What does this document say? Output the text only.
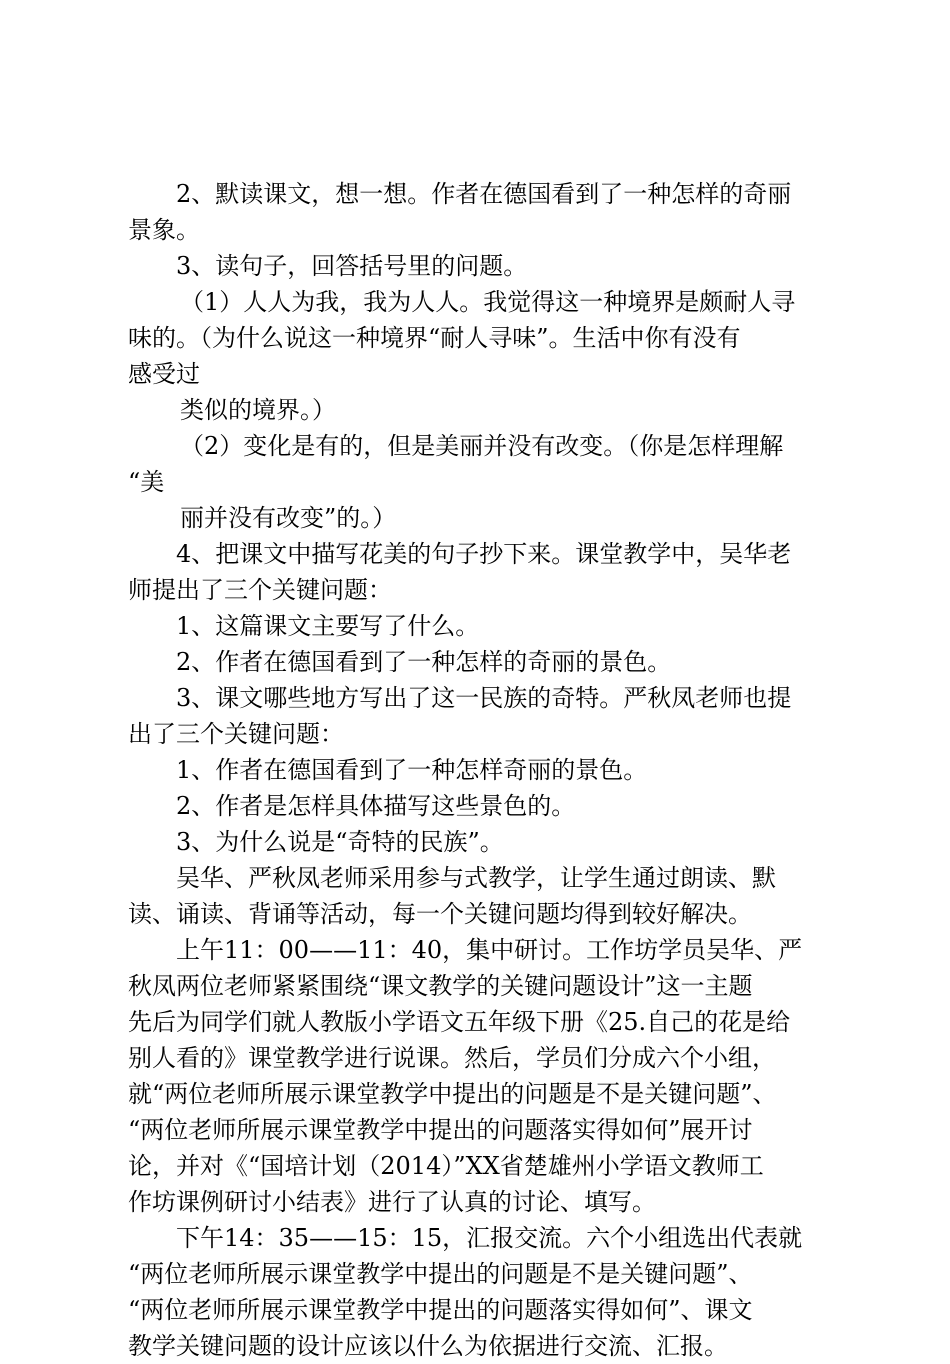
2、默读课文，想一想。作者在德国看到了一种怎样的奇丽

景象。

3、读句子，回答括号里的问题。

（1）人人为我，我为人人。我觉得这一种境界是颇耐人寻

味的。（为什么说这一种境界“耐人寻味”。生活中你有没有

感受过

类似的境界。）

（2）变化是有的，但是美丽并没有改变。（你是怎样理解

“美

丽并没有改变”的。）

4、把课文中描写花美的句子抄下来。课堂教学中，吴华老

师提出了三个关键问题：

1、这篇课文主要写了什么。

2、作者在德国看到了一种怎样的奇丽的景色。

3、课文哪些地方写出了这一民族的奇特。严秋凤老师也提

出了三个关键问题：

1、作者在德国看到了一种怎样奇丽的景色。

2、作者是怎样具体描写这些景色的。

3、为什么说是“奇特的民族”。

吴华、严秋凤老师采用参与式教学，让学生通过朗读、默

读、诵读、背诵等活动，每一个关键问题均得到较好解决。

上午11：00——11：40，集中研讨。工作坊学员吴华、严

秋凤两位老师紧紧围绕“课文教学的关键问题设计”这一主题

先后为同学们就人教版小学语文五年级下册《25.自己的花是给

别人看的》课堂教学进行说课。然后，学员们分成六个小组，

就“两位老师所展示课堂教学中提出的问题是不是关键问题”、

“两位老师所展示课堂教学中提出的问题落实得如何”展开讨

论，并对《“国培计划（2014）”XX省楚雄州小学语文教师工

作坊课例研讨小结表》进行了认真的讨论、填写。

下午14：35——15：15，汇报交流。六个小组选出代表就

“两位老师所展示课堂教学中提出的问题是不是关键问题”、

“两位老师所展示课堂教学中提出的问题落实得如何”、课文

教学关键问题的设计应该以什么为依据进行交流、汇报。
